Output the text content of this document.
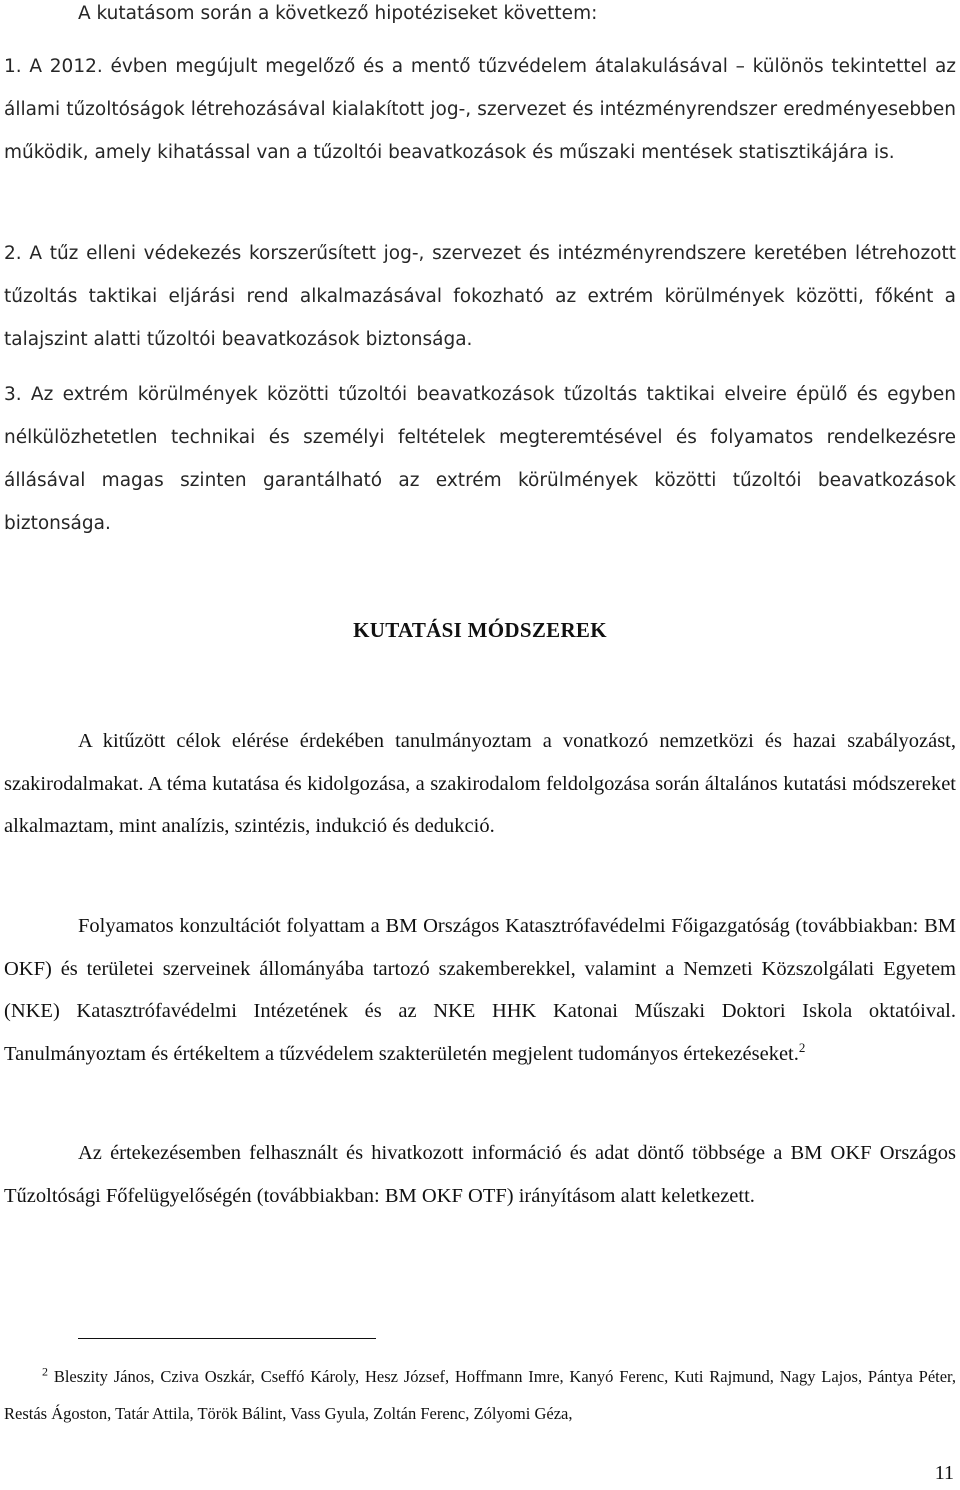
A kutatásom során a következő hipotéziseket követtem:

1. A 2012. évben megújult megelőző és a mentő tűzvédelem átalakulásával – különös tekintettel az állami tűzoltóságok létrehozásával kialakított jog-, szervezet és intézményrendszer eredményesebben működik, amely kihatással van a tűzoltói beavatkozások és műszaki mentések statisztikájára is.

2. A tűz elleni védekezés korszerűsített jog-, szervezet és intézményrendszere keretében létrehozott tűzoltás taktikai eljárási rend alkalmazásával fokozható az extrém körülmények közötti, főként a talajszint alatti tűzoltói beavatkozások biztonsága.

3. Az extrém körülmények közötti tűzoltói beavatkozások tűzoltás taktikai elveire épülő és egyben nélkülözhetetlen technikai és személyi feltételek megteremtésével és folyamatos rendelkezésre állásával magas szinten garantálható az extrém körülmények közötti tűzoltói beavatkozások biztonsága.

KUTATÁSI MÓDSZEREK

A kitűzött célok elérése érdekében tanulmányoztam a vonatkozó nemzetközi és hazai szabályozást, szakirodalmakat. A téma kutatása és kidolgozása, a szakirodalom feldolgozása során általános kutatási módszereket alkalmaztam, mint analízis, szintézis, indukció és dedukció.

Folyamatos konzultációt folyattam a BM Országos Katasztrófavédelmi Főigazgatóság (továbbiakban: BM OKF) és területei szerveinek állományába tartozó szakemberekkel, valamint a Nemzeti Közszolgálati Egyetem (NKE) Katasztrófavédelmi Intézetének és az NKE HHK Katonai Műszaki Doktori Iskola oktatóival. Tanulmányoztam és értékeltem a tűzvédelem szakterületén megjelent tudományos értekezéseket.$^2$

Az értekezésemben felhasznált és hivatkozott információ és adat döntő többsége a BM OKF Országos Tűzoltósági Főfelügyelőségén (továbbiakban: BM OKF OTF) irányításom alatt keletkezett.

$^2$ Bleszity János, Cziva Oszkár, Cseffó Károly, Hesz József, Hoffmann Imre, Kanyó Ferenc, Kuti Rajmund, Nagy Lajos, Pántya Péter, Restás Ágoston, Tatár Attila, Török Bálint, Vass Gyula, Zoltán Ferenc, Zólyomi Géza,

11
